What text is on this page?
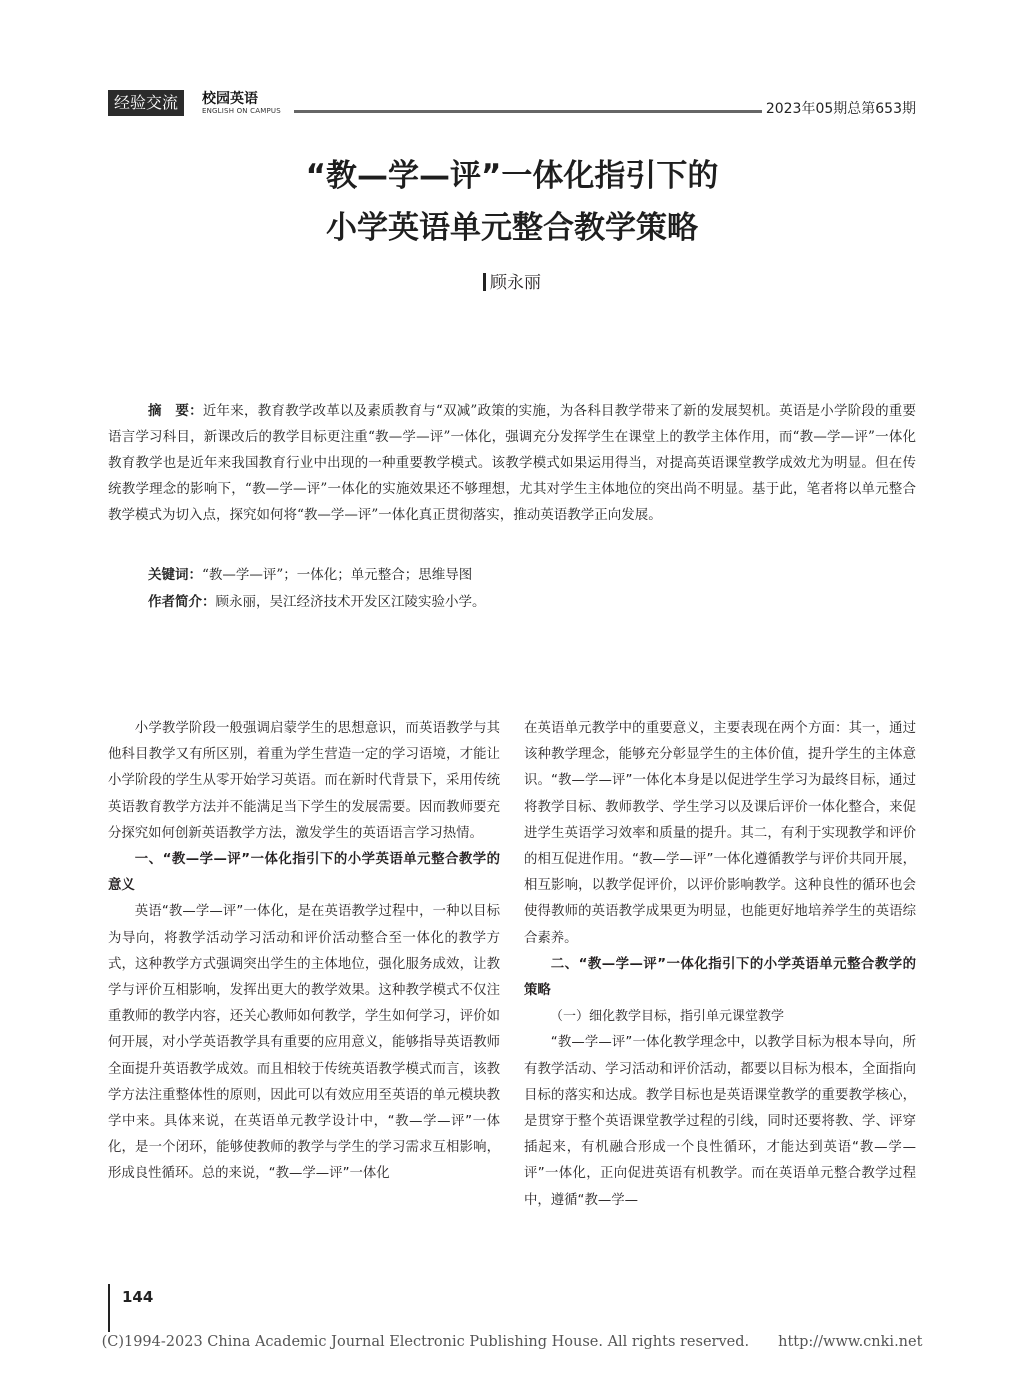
经验交流	校园英语
ENGLISH ON CAMPUS	2023年05期总第653期
“教—学—评”一体化指引下的
小学英语单元整合教学策略
顾永丽

摘　要：近年来，教育教学改革以及素质教育与“双减”政策的实施，为各科目教学带来了新的发展契机。英语是小学阶段的重要语言学习科目，新课改后的教学目标更注重“教—学—评”一体化，强调充分发挥学生在课堂上的教学主体作用，而“教—学—评”一体化教育教学也是近年来我国教育行业中出现的一种重要教学模式。该教学模式如果运用得当，对提高英语课堂教学成效尤为明显。但在传统教学理念的影响下，“教—学—评”一体化的实施效果还不够理想，尤其对学生主体地位的突出尚不明显。基于此，笔者将以单元整合教学模式为切入点，探究如何将“教—学—评”一体化真正贯彻落实，推动英语教学正向发展。

关键词：“教—学—评”；一体化；单元整合；思维导图
作者简介：顾永丽，吴江经济技术开发区江陵实验小学。

小学教学阶段一般强调启蒙学生的思想意识，而英语教学与其他科目教学又有所区别，着重为学生营造一定的学习语境，才能让小学阶段的学生从零开始学习英语。而在新时代背景下，采用传统英语教育教学方法并不能满足当下学生的发展需要。因而教师要充分探究如何创新英语教学方法，激发学生的英语语言学习热情。

一、“教—学—评”一体化指引下的小学英语单元整合教学的意义

英语“教—学—评”一体化，是在英语教学过程中，一种以目标为导向，将教学活动学习活动和评价活动整合至一体化的教学方式，这种教学方式强调突出学生的主体地位，强化服务成效，让教学与评价互相影响，发挥出更大的教学效果。这种教学模式不仅注重教师的教学内容，还关心教师如何教学，学生如何学习，评价如何开展，对小学英语教学具有重要的应用意义，能够指导英语教师全面提升英语教学成效。而且相较于传统英语教学模式而言，该教学方法注重整体性的原则，因此可以有效应用至英语的单元模块教学中来。具体来说，在英语单元教学设计中，“教—学—评”一体化，是一个闭环，能够使教师的教学与学生的学习需求互相影响，形成良性循环。总的来说，“教—学—评”一体化

在英语单元教学中的重要意义，主要表现在两个方面：其一，通过该种教学理念，能够充分彰显学生的主体价值，提升学生的主体意识。“教—学—评”一体化本身是以促进学生学习为最终目标，通过将教学目标、教师教学、学生学习以及课后评价一体化整合，来促进学生英语学习效率和质量的提升。其二，有利于实现教学和评价的相互促进作用。“教—学—评”一体化遵循教学与评价共同开展，相互影响，以教学促评价，以评价影响教学。这种良性的循环也会使得教师的英语教学成果更为明显，也能更好地培养学生的英语综合素养。

二、“教—学—评”一体化指引下的小学英语单元整合教学的策略
（一）细化教学目标，指引单元课堂教学

“教—学—评”一体化教学理念中，以教学目标为根本导向，所有教学活动、学习活动和评价活动，都要以目标为根本，全面指向目标的落实和达成。教学目标也是英语课堂教学的重要教学核心，是贯穿于整个英语课堂教学过程的引线，同时还要将教、学、评穿插起来，有机融合形成一个良性循环，才能达到英语“教—学—评”一体化，正向促进英语有机教学。而在英语单元整合教学过程中，遵循“教—学—

144
(C)1994-2023 China Academic Journal Electronic Publishing House. All rights reserved.　　http://www.cnki.net
